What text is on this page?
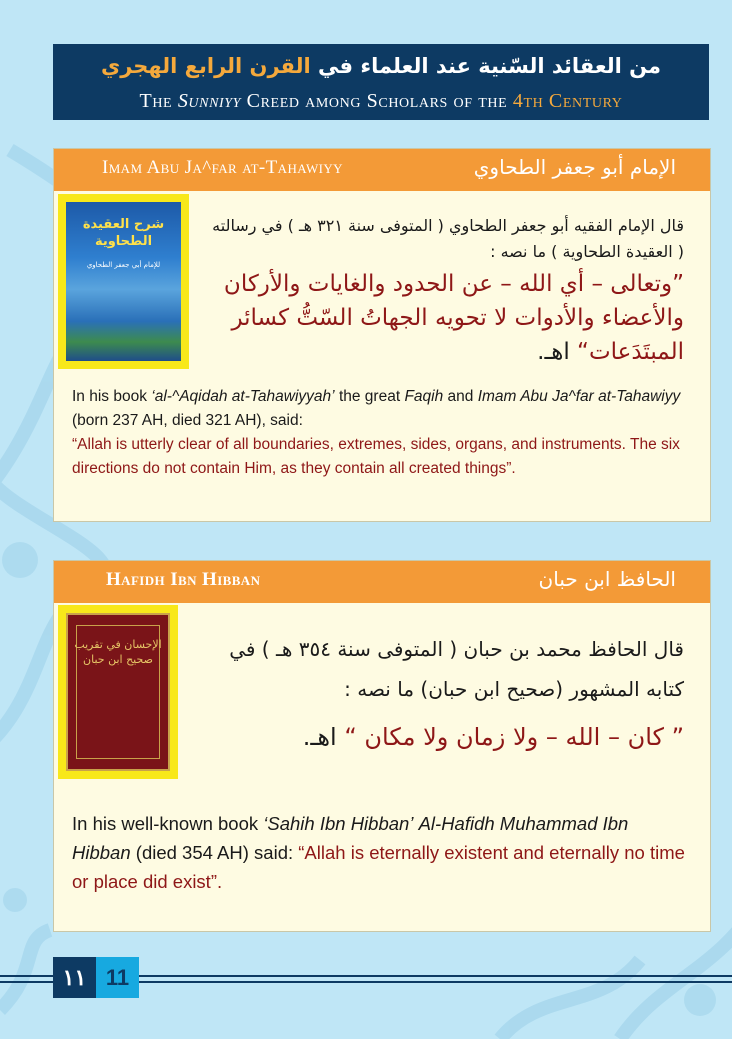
من العقائد السّنية عند العلماء في القرن الرابع الهجري
The Sunniyy Creed among Scholars of the 4th Century
Imam Abu Ja^far at-Tahawiyy	الإمام أبو جعفر الطحاوي
شرح العقيدة الطحاوية
للإمام أبي جعفر الطحاوي
قال الإمام الفقيه أبو جعفر الطحاوي ( المتوفى سنة ٣٢١ هـ ) في رسالته ( العقيدة الطحاوية ) ما نصه :
”وتعالى – أي الله – عن الحدود والغايات والأركان والأعضاء والأدوات لا تحويه الجهاتُ السّتُّ كسائر المبتَدَعات“ اهـ.
In his book ‘al-^Aqidah at-Tahawiyyah’ the great Faqih and Imam Abu Ja^far at-Tahawiyy (born 237 AH, died 321 AH), said:
“Allah is utterly clear of all boundaries, extremes, sides, organs, and instruments. The six directions do not contain Him, as they contain all created things”.
Hafidh Ibn Hibban	الحافظ ابن حبان
الإحسان في تقريب صحيح ابن حبان	قال الحافظ محمد بن حبان ( المتوفى سنة ٣٥٤ هـ ) في كتابه المشهور (صحيح ابن حبان) ما نصه :
” كان – الله – ولا زمان ولا مكان “ اهـ.
In his well-known book ‘Sahih Ibn Hibban’ Al-Hafidh Muhammad Ibn Hibban (died 354 AH) said: “Allah is eternally existent and eternally no time or place did exist”.
١١ 11
